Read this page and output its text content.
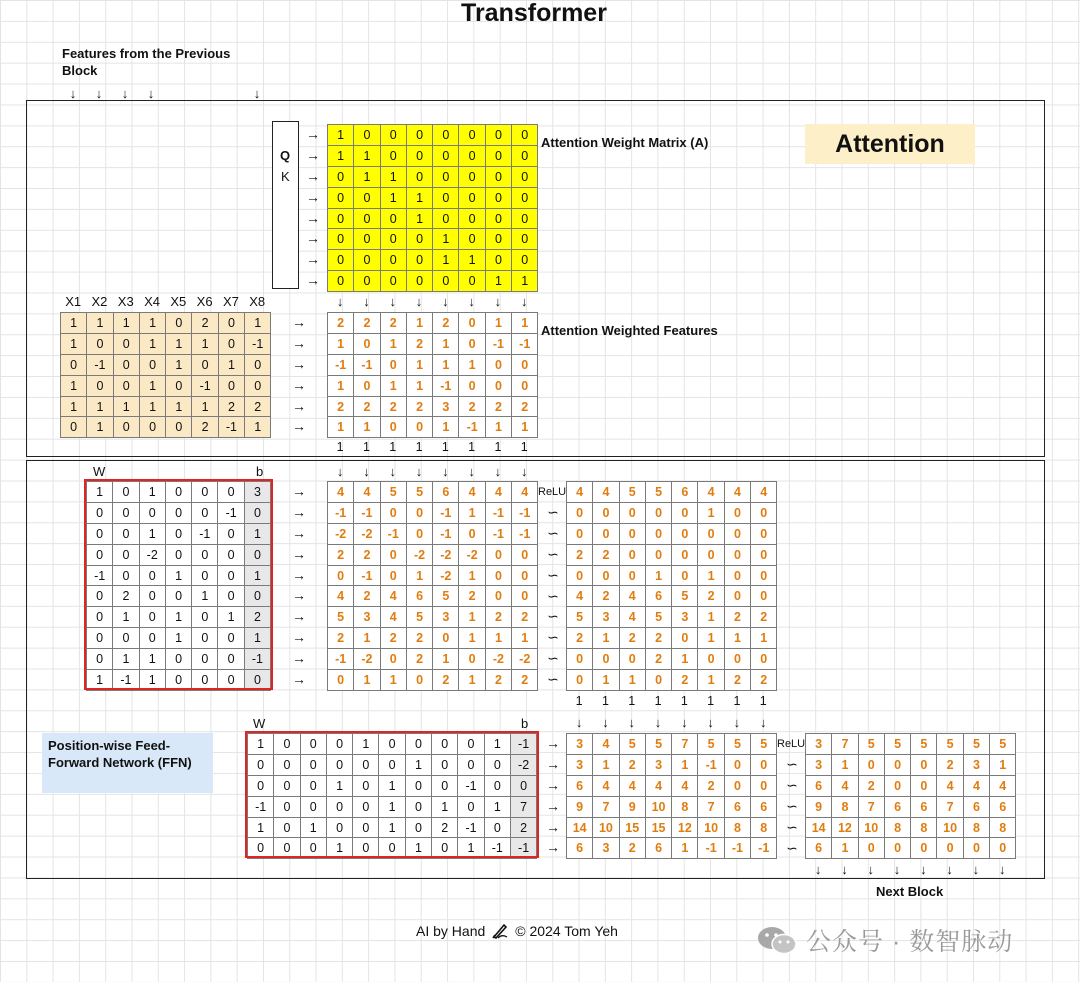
Transformer
Features from the Previous Block
↓	↓	↓	↓	↓
Attention
Q
K
→
→
→
→
→
→
→
→
1	0	0	0	0	0	0	0
1	1	0	0	0	0	0	0
0	1	1	0	0	0	0	0
0	0	1	1	0	0	0	0
0	0	0	1	0	0	0	0
0	0	0	0	1	0	0	0
0	0	0	0	1	1	0	0
0	0	0	0	0	0	1	1
Attention Weight Matrix (A)
↓	↓	↓	↓	↓	↓	↓	↓
X1 X2 X3 X4 X5 X6 X7 X8
1	1	1	1	0	2	0	1
1	0	0	1	1	1	0	-1
0	-1	0	0	1	0	1	0
1	0	0	1	0	-1	0	0
1	1	1	1	1	1	2	2
0	1	0	0	0	2	-1	1
→
→
→
→
→
→
2	2	2	1	2	0	1	1
1	0	1	2	1	0	-1	-1
-1	-1	0	1	1	1	0	0
1	0	1	1	-1	0	0	0
2	2	2	2	3	2	2	2
1	1	0	0	1	-1	1	1
Attention Weighted Features
1	1	1	1	1	1	1	1
W	b	↓	↓	↓	↓	↓	↓	↓	↓
1	0	1	0	0	0	3
0	0	0	0	0	-1	0
0	0	1	0	-1	0	1
0	0	-2	0	0	0	0
-1	0	0	1	0	0	1
0	2	0	0	1	0	0
0	1	0	1	0	1	2
0	0	0	1	0	0	1
0	1	1	0	0	0	-1
1	-1	1	0	0	0	0
→
→
→
→
→
→
→
→
→
→
4	4	5	5	6	4	4	4
-1	-1	0	0	-1	1	-1	-1
-2	-2	-1	0	-1	0	-1	-1
2	2	0	-2	-2	-2	0	0
0	-1	0	1	-2	1	0	0
4	2	4	6	5	2	0	0
5	3	4	5	3	1	2	2
2	1	2	2	0	1	1	1
-1	-2	0	2	1	0	-2	-2
0	1	1	0	2	1	2	2
ReLU
∽
∽
∽
∽
∽
∽
∽
∽
∽
4	4	5	5	6	4	4	4
0	0	0	0	0	1	0	0
0	0	0	0	0	0	0	0
2	2	0	0	0	0	0	0
0	0	0	1	0	1	0	0
4	2	4	6	5	2	0	0
5	3	4	5	3	1	2	2
2	1	2	2	0	1	1	1
0	0	0	2	1	0	0	0
0	1	1	0	2	1	2	2
1	1	1	1	1	1	1	1
↓	↓	↓	↓	↓	↓	↓	↓
Position-wise Feed-Forward Network (FFN)
W	b
1	0	0	0	1	0	0	0	0	1	-1
0	0	0	0	0	0	1	0	0	0	-2
0	0	0	1	0	1	0	0	-1	0	0
-1	0	0	0	0	1	0	1	0	1	7
1	0	1	0	0	1	0	2	-1	0	2
0	0	0	1	0	0	1	0	1	-1	-1
→
→
→
→
→
→
3	4	5	5	7	5	5	5
3	1	2	3	1	-1	0	0
6	4	4	4	4	2	0	0
9	7	9	10	8	7	6	6
14 10 15 15 12 10	8	8
6	3	2	6	1	-1	-1	-1
ReLU
∽
∽
∽
∽
∽
3	7	5	5	5	5	5	5
3	1	0	0	0	2	3	1
6	4	2	0	0	4	4	4
9	8	7	6	6	7	6	6
14 12 10	8	8	10	8	8
6	1	0	0	0	0	0	0
↓	↓	↓	↓	↓	↓	↓	↓
Next Block
AI by Hand © 2024 Tom Yeh	公众号 · 数智脉动
